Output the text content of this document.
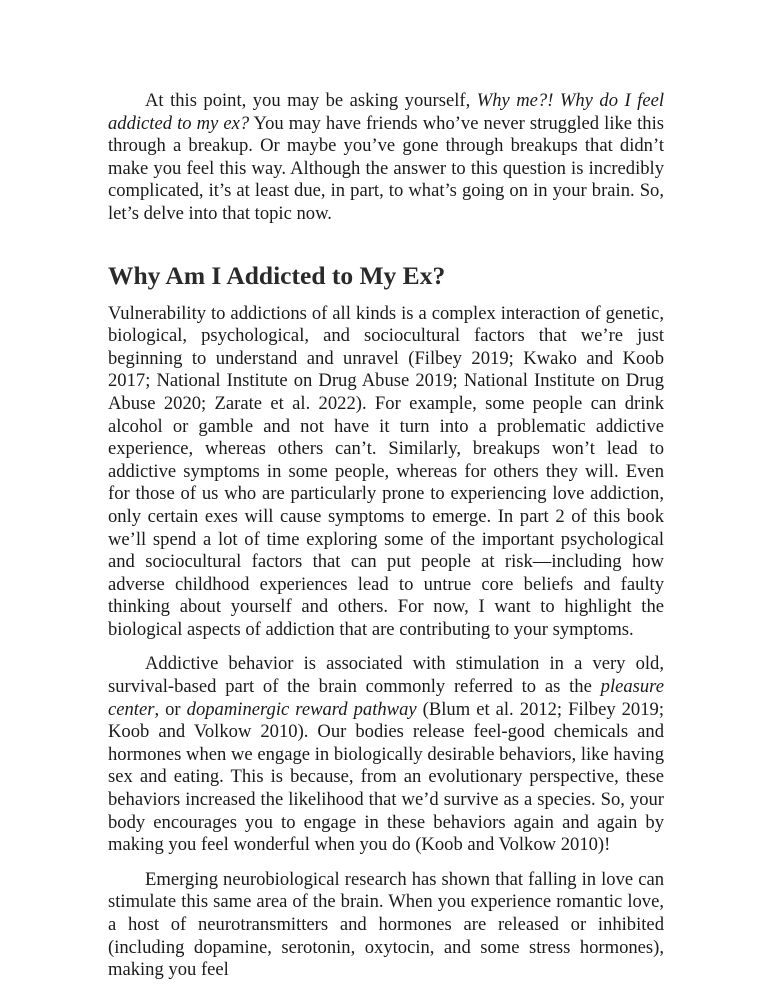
At this point, you may be asking yourself, Why me?! Why do I feel addicted to my ex? You may have friends who’ve never struggled like this through a breakup. Or maybe you’ve gone through breakups that didn’t make you feel this way. Although the answer to this question is incredibly complicated, it’s at least due, in part, to what’s going on in your brain. So, let’s delve into that topic now.

Why Am I Addicted to My Ex?

Vulnerability to addictions of all kinds is a complex interaction of genetic, biological, psychological, and sociocultural factors that we’re just beginning to understand and unravel (Filbey 2019; Kwako and Koob 2017; National Institute on Drug Abuse 2019; National Institute on Drug Abuse 2020; Zarate et al. 2022). For example, some people can drink alcohol or gamble and not have it turn into a problematic addictive experience, whereas others can’t. Similarly, breakups won’t lead to addictive symptoms in some people, whereas for others they will. Even for those of us who are particularly prone to experiencing love addiction, only certain exes will cause symptoms to emerge. In part 2 of this book we’ll spend a lot of time exploring some of the important psychological and sociocultural factors that can put people at risk—including how adverse childhood experiences lead to untrue core beliefs and faulty thinking about yourself and others. For now, I want to highlight the biological aspects of addiction that are contributing to your symptoms.

Addictive behavior is associated with stimulation in a very old, survival-based part of the brain commonly referred to as the pleasure center, or dopaminergic reward pathway (Blum et al. 2012; Filbey 2019; Koob and Volkow 2010). Our bodies release feel-good chemicals and hormones when we engage in biologically desirable behaviors, like having sex and eating. This is because, from an evolutionary perspective, these behaviors increased the likelihood that we’d survive as a species. So, your body encourages you to engage in these behaviors again and again by making you feel wonderful when you do (Koob and Volkow 2010)!

Emerging neurobiological research has shown that falling in love can stimulate this same area of the brain. When you experience romantic love, a host of neurotransmitters and hormones are released or inhibited (including dopamine, serotonin, oxytocin, and some stress hormones), making you feel
